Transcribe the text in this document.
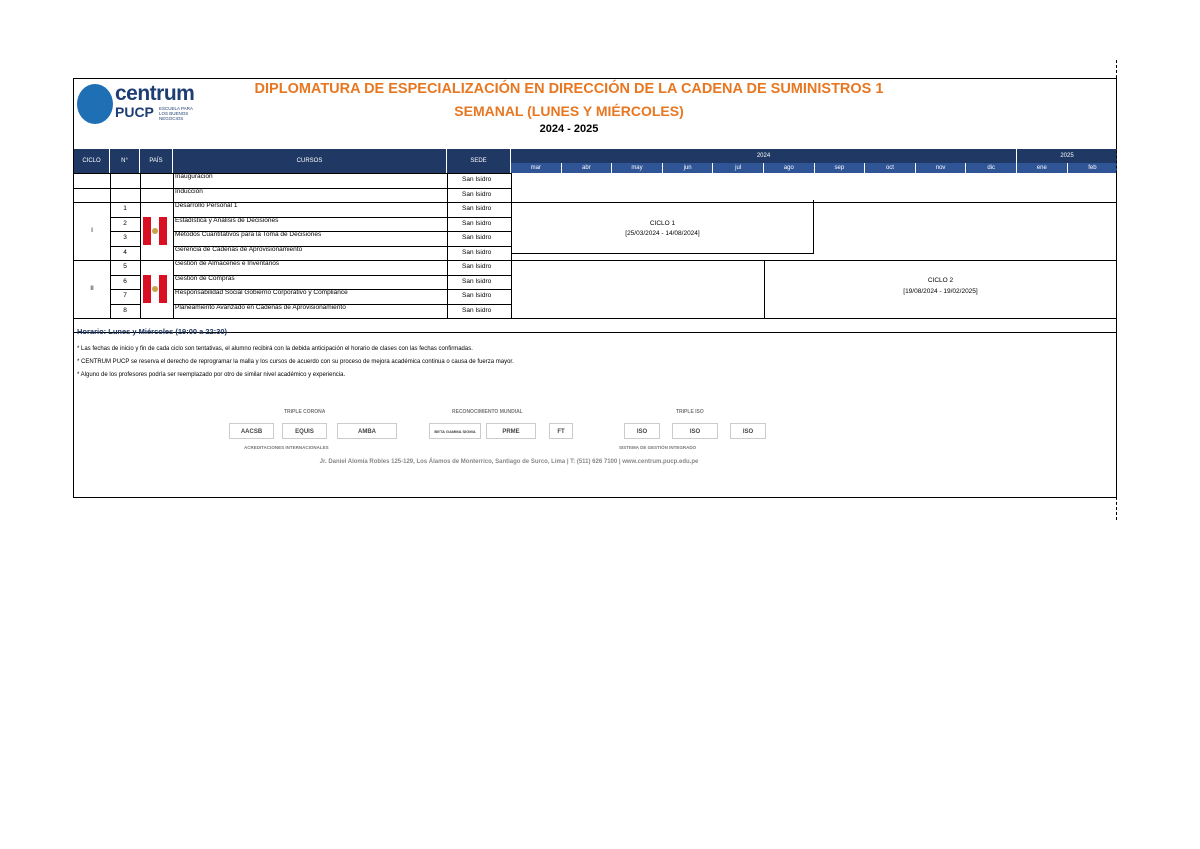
centrum
PUCP ESCUELA PARA LOS BUENOS NEGOCIOS
DIPLOMATURA DE ESPECIALIZACIÓN EN DIRECCIÓN DE LA CADENA DE SUMINISTROS 1
SEMANAL (LUNES Y MIÉRCOLES)
2024 - 2025
CICLO	N°	PAÍS	CURSOS	SEDE
2024	2025
mar	abr	may	jun	jul	ago	sep	oct	nov	dic	ene	feb
Inauguracion	San Isidro
Inducción	San Isidro
1	Desarrollo Personal 1	San Isidro
2	Estadística y Análisis de Decisiones	San Isidro
3	Métodos Cuantitativos para la Toma de Decisiones	San Isidro
4	Gerencia de Cadenas de Aprovisionamiento	San Isidro
I
CICLO 1
[25/03/2024 - 14/08/2024]
5	Gestión de Almacenes e Inventarios	San Isidro
6	Gestión de Compras	San Isidro
7	Responsabilidad Social Gobierno Corporativo y Compliance	San Isidro
8	Planeamiento Avanzado en Cadenas de Aprovisionamiento	San Isidro
II
CICLO 2
[19/08/2024 - 19/02/2025]
Horario: Lunes y Miércoles (19:00 a 22:30)
* Las fechas de inicio y fin de cada ciclo son tentativas, el alumno recibirá con la debida anticipación el horario de clases con las fechas confirmadas.
* CENTRUM PUCP se reserva el derecho de reprogramar la malla y los cursos de acuerdo con su proceso de mejora académica continua o causa de fuerza mayor.
* Alguno de los profesores podría ser reemplazado por otro de similar nivel académico y experiencia.
TRIPLE CORONA	RECONOCIMIENTO MUNDIAL	TRIPLE ISO
AACSB	EQUIS	AMBA	BETA GAMMA SIGMA	PRME	FT	ISO	ISO	ISO
ACREDITACIONES INTERNACIONALES	SISTEMA DE GESTIÓN INTEGRADO
Jr. Daniel Alomía Robles 125-129, Los Álamos de Monterrico, Santiago de Surco, Lima | T: (511) 626 7100 | www.centrum.pucp.edu.pe
